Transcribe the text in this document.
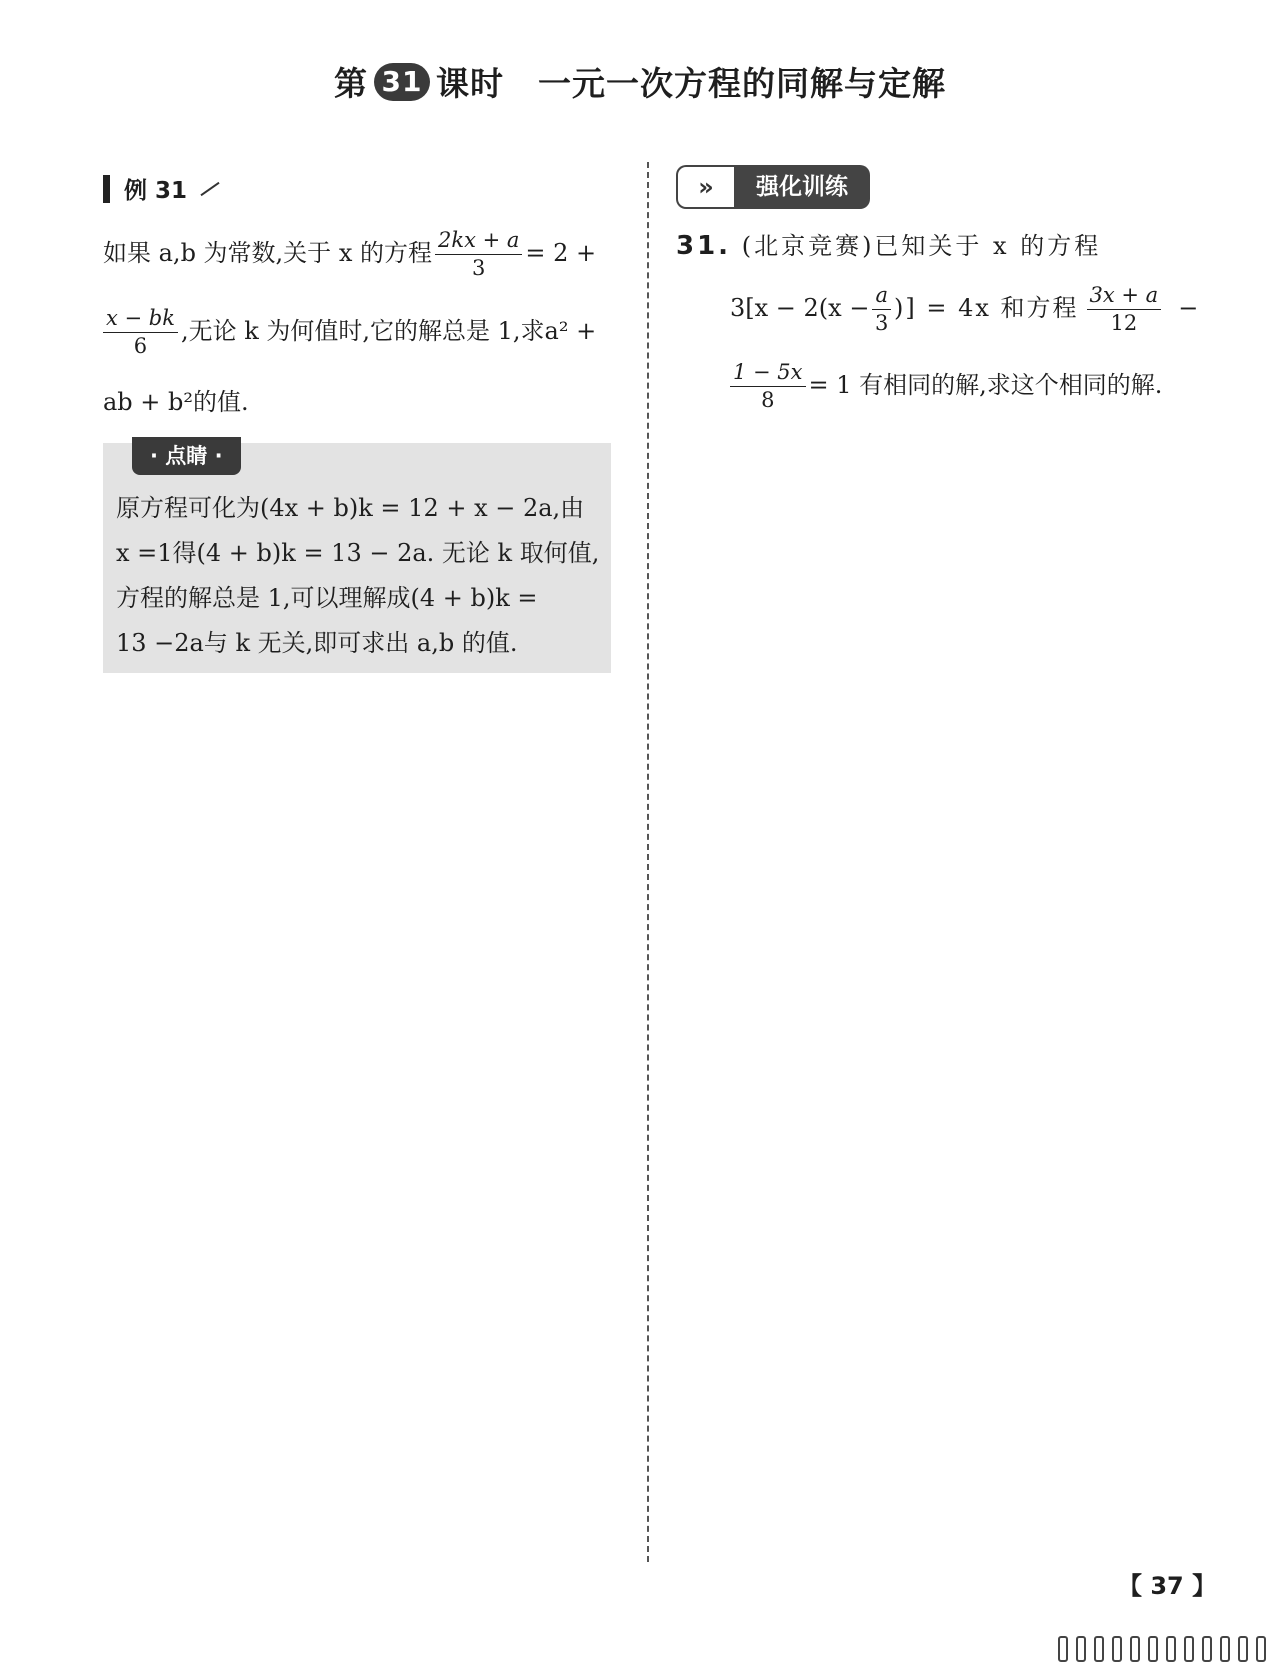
第 31 课时 一元一次方程的同解与定解
例 31
如果 a,b 为常数,关于 x 的方程 $\frac{2kx + a}{3} = 2$ +
$\frac{x - bk}{6}$ ,无论 k 为何值时,它的解总是 1,求a² +
ab + b²的值.
· 点睛 ·
原方程可化为(4x + b)k = 12 + x − 2a,由
x =1得(4 + b)k = 13 − 2a. 无论 k 取何值,
方程的解总是 1,可以理解成(4 + b)k =
13 −2a与 k 无关,即可求出 a,b 的值.
»	强化训练
31. (北京竞赛)已知关于 x 的方程
$3[x - 2(x - \frac{a}{3}$ )] = 4x 和方程 $\frac{3x + a}{12}$ −
$\frac{1 - 5x}{8} = 1$ 有相同的解,求这个相同的解.
【 37 】
